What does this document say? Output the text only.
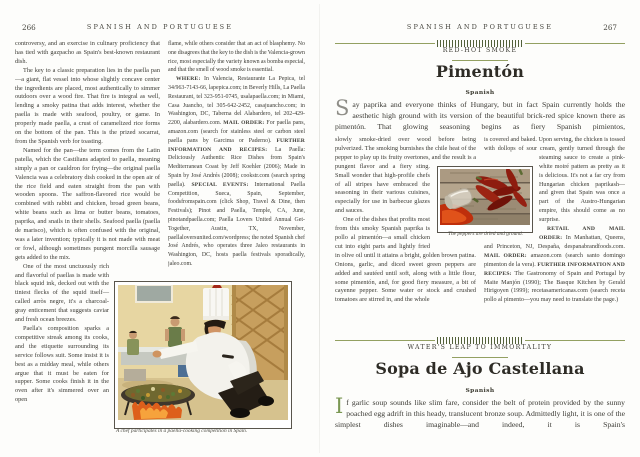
266	SPANISH AND PORTUGUESE

controversy, and an exercise in culinary proficiency that has tied with gazpacho as Spain's best-known restaurant dish.

The key to a classic preparation lies in the paella pan—a giant, flat vessel into whose slightly concave center the ingredients are placed, most authentically to simmer outdoors over a wood fire. That fire is integral as well, lending a smoky patina that adds interest, whether the paella is made with seafood, poultry, or game. In properly made paella, a crust of caramelized rice forms on the bottom of the pan. This is the prized socarrat, from the Spanish verb for toasting.

Named for the pan—the term comes from the Latin patella, which the Castilians adapted to paella, meaning simply a pan or cauldron for frying—the original paella Valencia was a celebratory dish cooked in the open air of the rice field and eaten straight from the pan with wooden spoons. The saffron-flavored rice would be combined with rabbit and chicken, broad green beans, white beans such as lima or butter beans, tomatoes, paprika, and snails in their shells. Seafood paella (paella de marisco), which is often confused with the original, was a later invention; typically it is not made with meat or fowl, although sometimes pungent mor
cilla sausage gets added to the mix.

One of the most unctuously rich and flavorful of paellas is made with black squid ink, decked out with the tiniest flecks of the squid itself—called arròs negre, it's a charcoal-gray enticement that suggests caviar and fresh ocean breezes.

Paella's composition sparks a competitive streak among its cooks, and the etiquette surrounding its service follows suit. Some insist it is best as a midday meal, while others argue that it must be eaten for supper. Some cooks finish it in the oven after it's simmered over an open

flame, while others consider that an act of blasphemy. No one disagrees that the key to the dish is the Valencia-grown rice, most especially the variety known as bomba especial, and that the smell of wood smoke is essential.

WHERE: In Valencia, Restaurante La Pepica, tel 34/963-7143-66, lapepica.com; in Beverly Hills, La Paella Restaurant, tel 323-951-0745, usalapaella.com; in Miami, Casa Juancho, tel 305-642-2452, casajuancho.com; in Washington, DC, Taberna del Alabardero, tel 202-429-2200, alabardero.com. MAIL ORDER: For paella pans, amazon.com (search for stainless steel or carbon steel paella pans by Garcima or Paderno). FURTHER INFORMATION AND RECIPES: La Paella: Deliciously Authentic Rice Dishes from Spain's Mediterranean Coast by Jeff Koehler (2006); Made in Spain by José Andrés (2008); cookstr.com (search spring paella). SPECIAL EVENTS: International Paella Competition, Sueca, Spain, September, foodsfromspain.com (click Shop, Travel & Dine, then Festivals); Pinot and Paella, Temple, CA, June, pinotandpaella.com; Paella Lovers United Annual Get-Together, Austin, TX, November, paellaloversunited.com/wordpress; the noted Spanish chef José Andrés, who operates three Jaleo restaurants in Washington, DC, hosts paella festivals sporadically, jaleo.com.

A chef participates in a paella-cooking competition in Spain.
SPANISH AND PORTUGUESE	267
RED-HOT SMOKE
Pimentón
Spanish
Say paprika and everyone thinks of Hungary, but in fact Spain currently holds the aesthetic high ground with its version of the beautiful brick-red spice known there as pimentón. That glowing seasoning begins as fiery Spanish pimientos,

slowly smoke-dried over wood before being pulverized. The smoking burnishes the chile heat of the pepper to play up its fruity overtones, and
the result is a pungent flavor and a fiery sting. Small wonder that high-profile chefs of all stripes have embraced the seasoning in their various cuisines, especially for use in barbecue glazes and sauces.

One of the dishes that profits most from this smoky Spanish paprika is pollo al pimentón—a small chicken cut into eight parts and lightly fried in olive oil until it attains a bright, golden brown patina. Onions, garlic, and diced sweet green peppers are added and sautéed until soft, along with a little flour, some pimentón, and, for good fiery measure, a bit of cayenne pepper. Some water or stock and crushed tomatoes are stirred in, and the whole

is covered and baked. Upon serving, the chicken is tossed with dollops of sour cream, gently turned through the steaming sauce to cre
ate a pink-white moiré pattern as pretty as it is delicious. It's not a far cry from Hungarian chicken paprikash—and given that Spain was once a part of the Austro-Hungarian empire, this should come as no surprise.

RETAIL AND MAIL ORDER: In Manhattan, Queens, and Princeton, NJ, Despaña, despanabrandfoods.com. MAIL ORDER: amazon.com (search santo domingo pimenton de la vera). FURTHER INFORMATION AND RECIPES: The Gastronomy of Spain and Portugal by Maite Manjón (1990); The Basque Kitchen by Gerald Hirigoyen (1999); recetasamericanas.com (search receta pollo al pimento—you may need to translate the page.)

The peppers are dried and ground.
WATER'S LEAP TO IMMORTALITY
Sopa de Ajo Castellana
Spanish
If garlic soup sounds like slim fare, consider the belt of protein provided by the sunny poached egg adrift in this heady, translucent bronze soup. Admittedly light, it is one of the simplest dishes imaginable—and indeed, it is Spain's
